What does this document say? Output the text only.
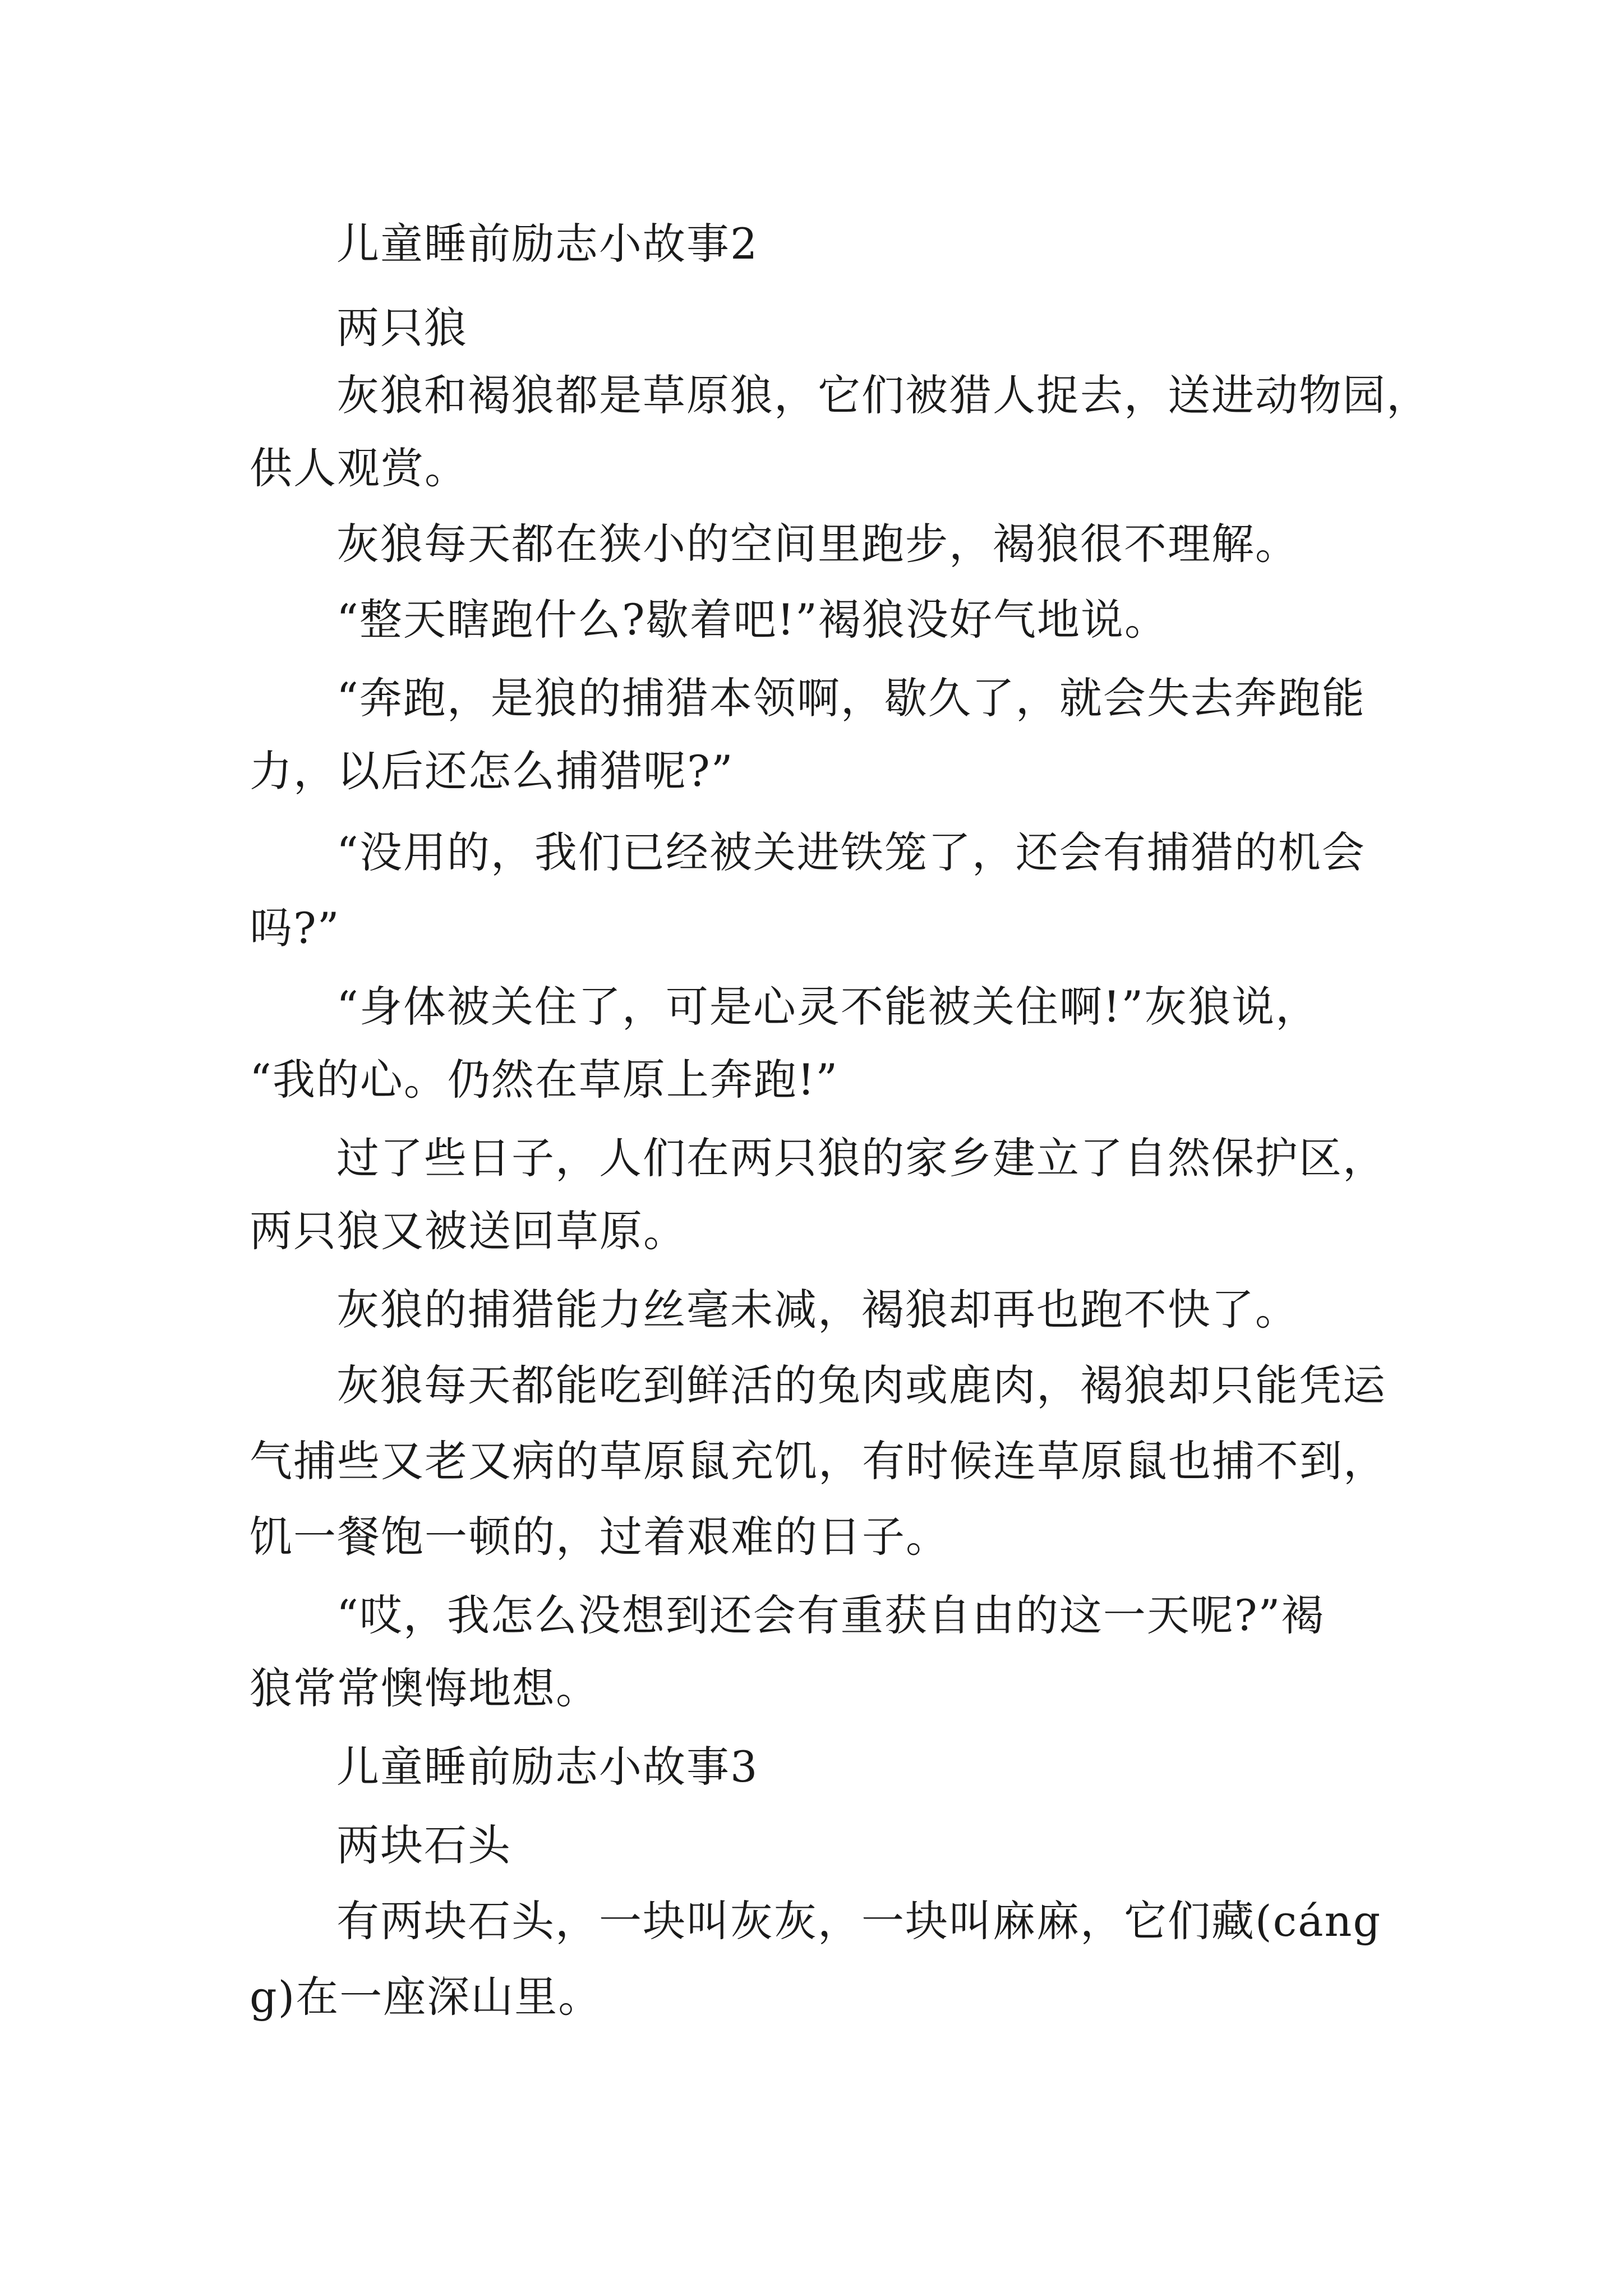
儿童睡前励志小故事2
两只狼
灰狼和褐狼都是草原狼，它们被猎人捉去，送进动物园，
供人观赏。
灰狼每天都在狭小的空间里跑步，褐狼很不理解。
“整天瞎跑什么?歇着吧!”褐狼没好气地说。
“奔跑，是狼的捕猎本领啊，歇久了，就会失去奔跑能
力，以后还怎么捕猎呢?”
“没用的，我们已经被关进铁笼了，还会有捕猎的机会
吗?”
“身体被关住了，可是心灵不能被关住啊!”灰狼说，
“我的心。仍然在草原上奔跑!”
过了些日子，人们在两只狼的家乡建立了自然保护区，
两只狼又被送回草原。
灰狼的捕猎能力丝毫未减，褐狼却再也跑不快了。
灰狼每天都能吃到鲜活的兔肉或鹿肉，褐狼却只能凭运
气捕些又老又病的草原鼠充饥，有时候连草原鼠也捕不到，
饥一餐饱一顿的，过着艰难的日子。
“哎，我怎么没想到还会有重获自由的这一天呢?”褐
狼常常懊悔地想。
儿童睡前励志小故事3
两块石头
有两块石头，一块叫灰灰，一块叫麻麻，它们藏(cáng
g)在一座深山里。
